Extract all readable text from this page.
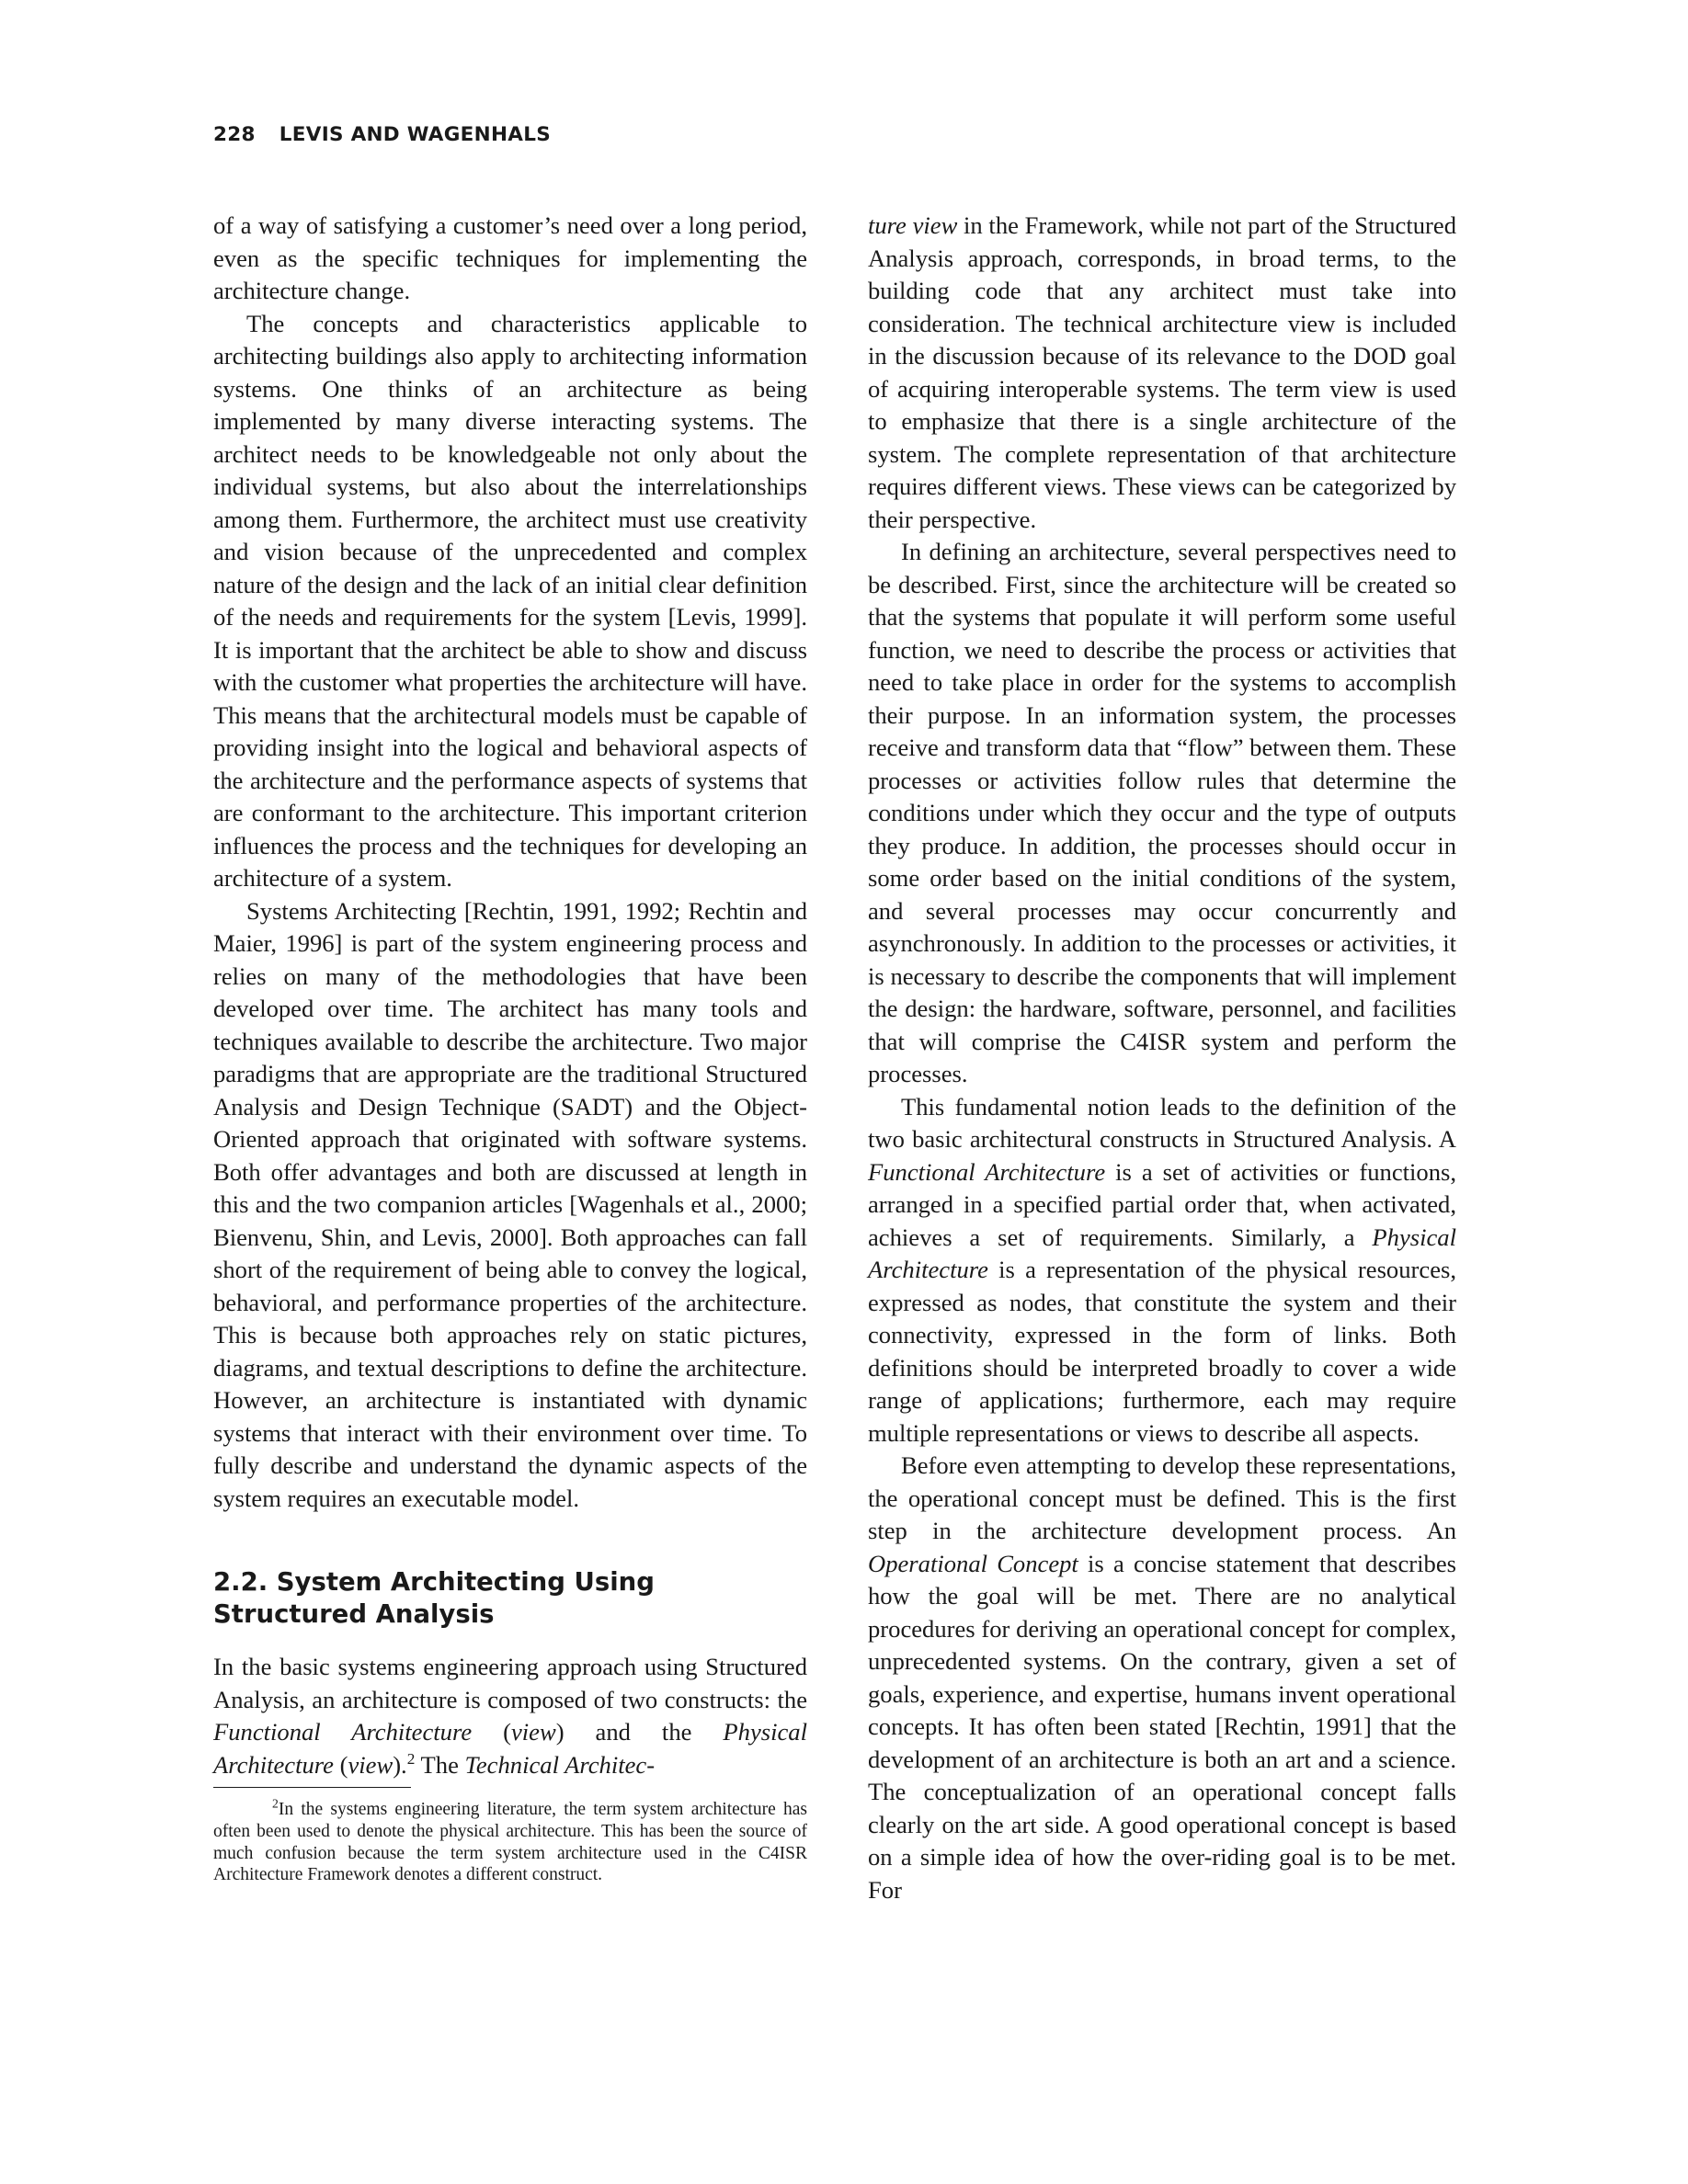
228 LEVIS AND WAGENHALS

of a way of satisfying a customer’s need over a long period, even as the specific techniques for implementing the architecture change.

The concepts and characteristics applicable to architecting buildings also apply to architecting information systems. One thinks of an architecture as being implemented by many diverse interacting systems. The architect needs to be knowledgeable not only about the individual systems, but also about the interrelationships among them. Furthermore, the architect must use creativity and vision because of the unprecedented and complex nature of the design and the lack of an initial clear definition of the needs and requirements for the system [Levis, 1999]. It is important that the architect be able to show and discuss with the customer what properties the architecture will have. This means that the architectural models must be capable of providing insight into the logical and behavioral aspects of the architecture and the performance aspects of systems that are conformant to the architecture. This important criterion influences the process and the techniques for developing an architecture of a system.

Systems Architecting [Rechtin, 1991, 1992; Rechtin and Maier, 1996] is part of the system engineering process and relies on many of the methodologies that have been developed over time. The architect has many tools and techniques available to describe the architecture. Two major paradigms that are appropriate are the traditional Structured Analysis and Design Technique (SADT) and the Object-Oriented approach that originated with software systems. Both offer advantages and both are discussed at length in this and the two companion articles [Wagenhals et al., 2000; Bienvenu, Shin, and Levis, 2000]. Both approaches can fall short of the requirement of being able to convey the logical, behavioral, and performance properties of the architecture. This is because both approaches rely on static pictures, diagrams, and textual descriptions to define the architecture. However, an architecture is instantiated with dynamic systems that interact with their environment over time. To fully describe and understand the dynamic aspects of the system requires an executable model.

2.2. System Architecting Using Structured Analysis

In the basic systems engineering approach using Structured Analysis, an architecture is composed of two constructs: the Functional Architecture (view) and the Physical Architecture (view).$^2$ The Technical Architec-

$^2$In the systems engineering literature, the term system architecture has often been used to denote the physical architecture. This has been the source of much confusion because the term system architecture used in the C4ISR Architecture Framework denotes a different construct.

ture view in the Framework, while not part of the Structured Analysis approach, corresponds, in broad terms, to the building code that any architect must take into consideration. The technical architecture view is included in the discussion because of its relevance to the DOD goal of acquiring interoperable systems. The term view is used to emphasize that there is a single architecture of the system. The complete representation of that architecture requires different views. These views can be categorized by their perspective.

In defining an architecture, several perspectives need to be described. First, since the architecture will be created so that the systems that populate it will perform some useful function, we need to describe the process or activities that need to take place in order for the systems to accomplish their purpose. In an information system, the processes receive and transform data that “flow” between them. These processes or activities follow rules that determine the conditions under which they occur and the type of outputs they produce. In addition, the processes should occur in some order based on the initial conditions of the system, and several processes may occur concurrently and asynchronously. In addition to the processes or activities, it is necessary to describe the components that will implement the design: the hardware, software, personnel, and facilities that will comprise the C4ISR system and perform the processes.

This fundamental notion leads to the definition of the two basic architectural constructs in Structured Analysis. A Functional Architecture is a set of activities or functions, arranged in a specified partial order that, when activated, achieves a set of requirements. Similarly, a Physical Architecture is a representation of the physical resources, expressed as nodes, that constitute the system and their connectivity, expressed in the form of links. Both definitions should be interpreted broadly to cover a wide range of applications; furthermore, each may require multiple representations or views to describe all aspects.

Before even attempting to develop these representations, the operational concept must be defined. This is the first step in the architecture development process. An Operational Concept is a concise statement that describes how the goal will be met. There are no analytical procedures for deriving an operational concept for complex, unprecedented systems. On the contrary, given a set of goals, experience, and expertise, humans invent operational concepts. It has often been stated [Rechtin, 1991] that the development of an architecture is both an art and a science. The conceptualization of an operational concept falls clearly on the art side. A good operational concept is based on a simple idea of how the over-riding goal is to be met. For
